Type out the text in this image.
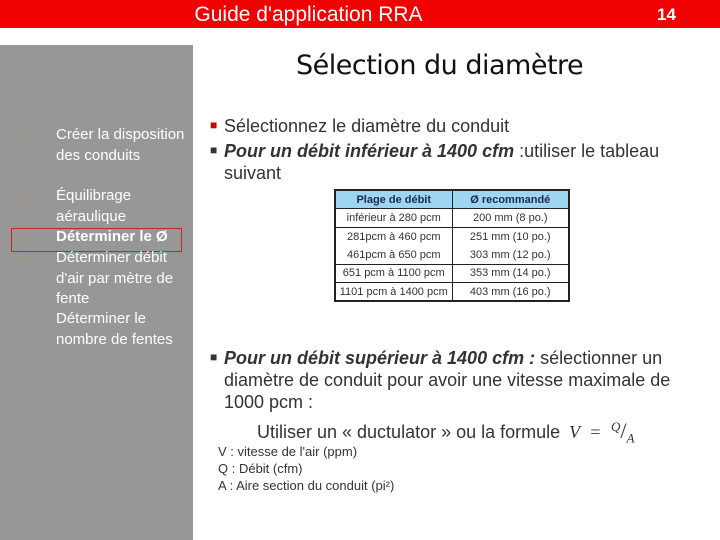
Guide d'application RRA	14
1. Créer la disposition des conduits
2. Équilibrage aéraulique
3. Déterminer le Ø
4. Déterminer débit d'air par mètre de fente
5. Déterminer le nombre de fentes
Sélection du diamètre
■ Sélectionnez le diamètre du conduit
■ Pour un débit inférieur à 1400 cfm :utiliser le tableau suivant
Plage de débit	Ø recommandé
inférieur à 280 pcm	200 mm (8 po.)
281pcm à 460 pcm	251 mm (10 po.)
461pcm à 650 pcm	303 mm (12 po.)
651 pcm à 1100 pcm	353 mm (14 po.)
1101 pcm à 1400 pcm	403 mm (16 po.)
■ Pour un débit supérieur à 1400 cfm : sélectionner un diamètre de conduit pour avoir une vitesse maximale de 1000 pcm :
Utiliser un « ductulator » ou la formule $V = ^Q/_A$
V : vitesse de l'air (ppm)
Q : Débit (cfm)
A : Aire section du conduit (pi²)
